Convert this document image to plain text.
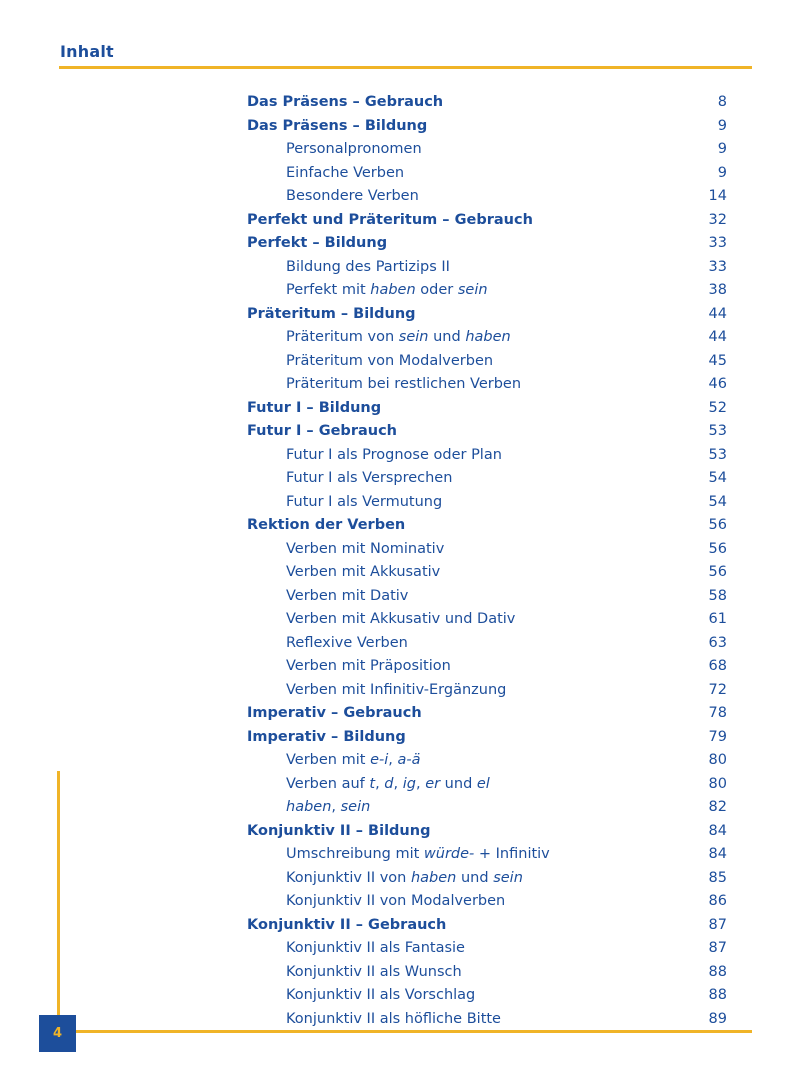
Inhalt
Das Präsens – Gebrauch	8
Das Präsens – Bildung	9
Personalpronomen	9
Einfache Verben	9
Besondere Verben	14
Perfekt und Präteritum – Gebrauch	32
Perfekt – Bildung	33
Bildung des Partizips II	33
Perfekt mit haben oder sein	38
Präteritum – Bildung	44
Präteritum von sein und haben	44
Präteritum von Modalverben	45
Präteritum bei restlichen Verben	46
Futur I – Bildung	52
Futur I – Gebrauch	53
Futur I als Prognose oder Plan	53
Futur I als Versprechen	54
Futur I als Vermutung	54
Rektion der Verben	56
Verben mit Nominativ	56
Verben mit Akkusativ	56
Verben mit Dativ	58
Verben mit Akkusativ und Dativ	61
Reflexive Verben	63
Verben mit Präposition	68
Verben mit Infinitiv-Ergänzung	72
Imperativ – Gebrauch	78
Imperativ – Bildung	79
Verben mit e-i, a-ä	80
Verben auf t, d, ig, er und el	80
haben, sein	82
Konjunktiv II – Bildung	84
Umschreibung mit würde- + Infinitiv	84
Konjunktiv II von haben und sein	85
Konjunktiv II von Modalverben	86
Konjunktiv II – Gebrauch	87
Konjunktiv II als Fantasie	87
Konjunktiv II als Wunsch	88
Konjunktiv II als Vorschlag	88
Konjunktiv II als höfliche Bitte	89
4
